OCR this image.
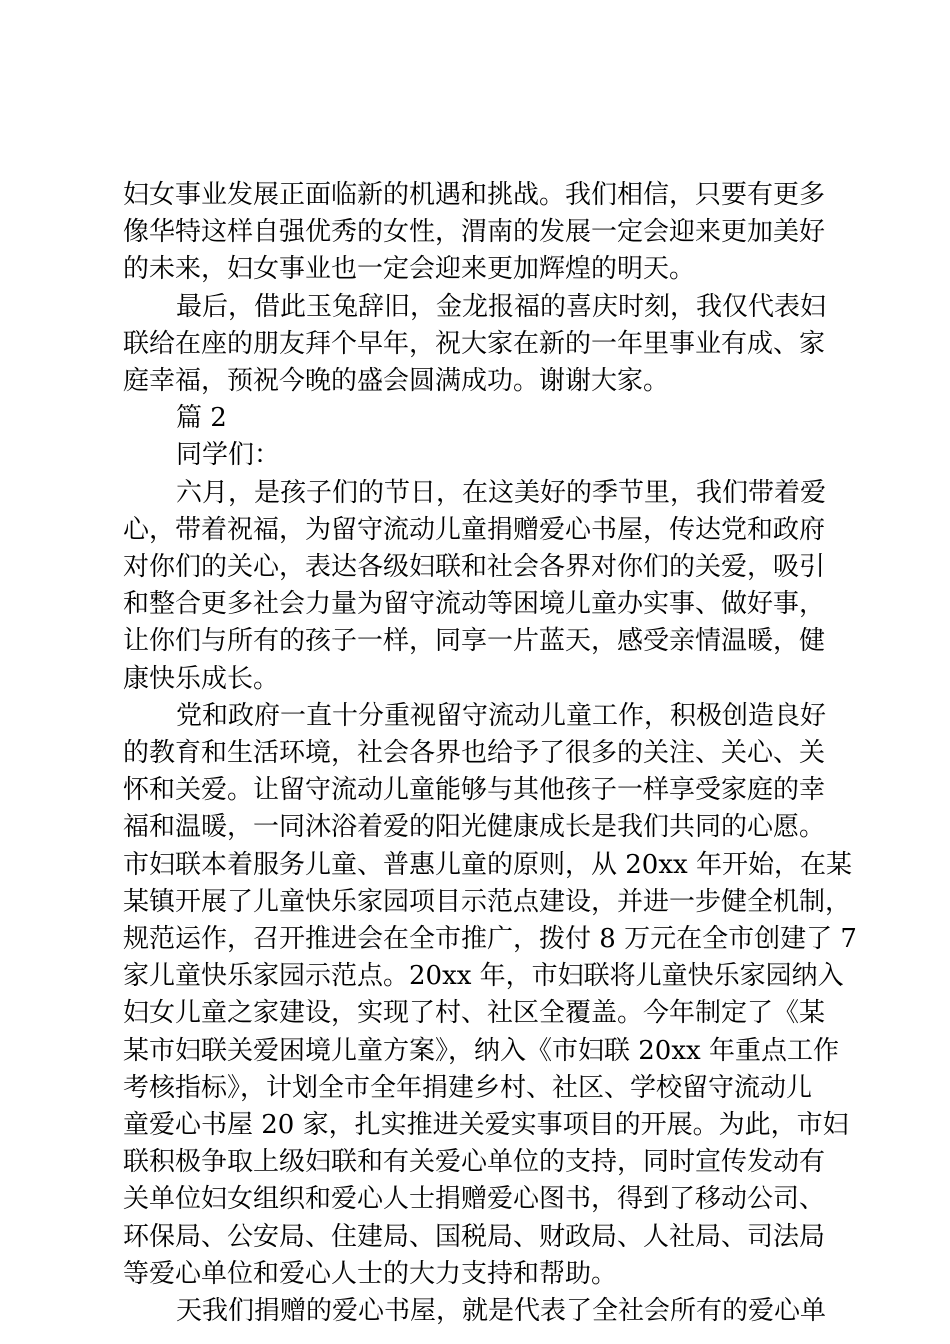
妇女事业发展正面临新的机遇和挑战。我们相信，只要有更多
像华特这样自强优秀的女性，渭南的发展一定会迎来更加美好
的未来，妇女事业也一定会迎来更加辉煌的明天。
最后，借此玉兔辞旧，金龙报福的喜庆时刻，我仅代表妇
联给在座的朋友拜个早年，祝大家在新的一年里事业有成、家
庭幸福，预祝今晚的盛会圆满成功。谢谢大家。
篇 2
同学们：
六月，是孩子们的节日，在这美好的季节里，我们带着爱
心，带着祝福，为留守流动儿童捐赠爱心书屋，传达党和政府
对你们的关心，表达各级妇联和社会各界对你们的关爱，吸引
和整合更多社会力量为留守流动等困境儿童办实事、做好事，
让你们与所有的孩子一样，同享一片蓝天，感受亲情温暖，健
康快乐成长。
党和政府一直十分重视留守流动儿童工作，积极创造良好
的教育和生活环境，社会各界也给予了很多的关注、关心、关
怀和关爱。让留守流动儿童能够与其他孩子一样享受家庭的幸
福和温暖，一同沐浴着爱的阳光健康成长是我们共同的心愿。
市妇联本着服务儿童、普惠儿童的原则，从 20xx 年开始，在某
某镇开展了儿童快乐家园项目示范点建设，并进一步健全机制，
规范运作，召开推进会在全市推广，拨付 8 万元在全市创建了 7
家儿童快乐家园示范点。20xx 年，市妇联将儿童快乐家园纳入
妇女儿童之家建设，实现了村、社区全覆盖。今年制定了《某
某市妇联关爱困境儿童方案》，纳入《市妇联 20xx 年重点工作
考核指标》，计划全市全年捐建乡村、社区、学校留守流动儿
童爱心书屋 20 家，扎实推进关爱实事项目的开展。为此，市妇
联积极争取上级妇联和有关爱心单位的支持，同时宣传发动有
关单位妇女组织和爱心人士捐赠爱心图书，得到了移动公司、
环保局、公安局、住建局、国税局、财政局、人社局、司法局
等爱心单位和爱心人士的大力支持和帮助。
天我们捐赠的爱心书屋，就是代表了全社会所有的爱心单
